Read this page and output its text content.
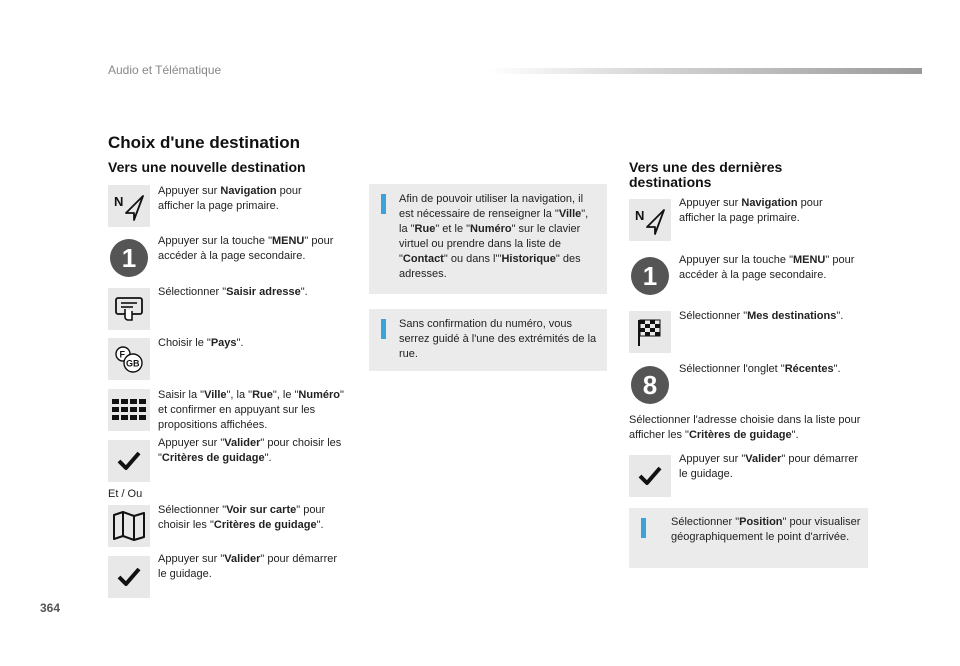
Audio et Télématique
Choix d'une destination
Vers une nouvelle destination
N
Appuyer sur Navigation pour afficher la page primaire.
1
Appuyer sur la touche "MENU" pour accéder à la page secondaire.
Sélectionner "Saisir adresse".
F
GB
Choisir le "Pays".
Saisir la "Ville", la "Rue", le "Numéro" et confirmer en appuyant sur les propositions affichées.
Appuyer sur "Valider" pour choisir les "Critères de guidage".
Et / Ou
Sélectionner "Voir sur carte" pour choisir les "Critères de guidage".
Appuyer sur "Valider" pour démarrer le guidage.
Afin de pouvoir utiliser la navigation, il est nécessaire de renseigner la "Ville", la "Rue" et le "Numéro" sur le clavier virtuel ou prendre dans la liste de "Contact" ou dans l'"Historique" des adresses.
Sans confirmation du numéro, vous serrez guidé à l'une des extrémités de la rue.
Vers une des dernières destinations
N
Appuyer sur Navigation pour afficher la page primaire.
1
Appuyer sur la touche "MENU" pour accéder à la page secondaire.
Sélectionner "Mes destinations".
8
Sélectionner l'onglet "Récentes".
Sélectionner l'adresse choisie dans la liste pour afficher les "Critères de guidage".
Appuyer sur "Valider" pour démarrer le guidage.
Sélectionner "Position" pour visualiser géographiquement le point d'arrivée.
364
